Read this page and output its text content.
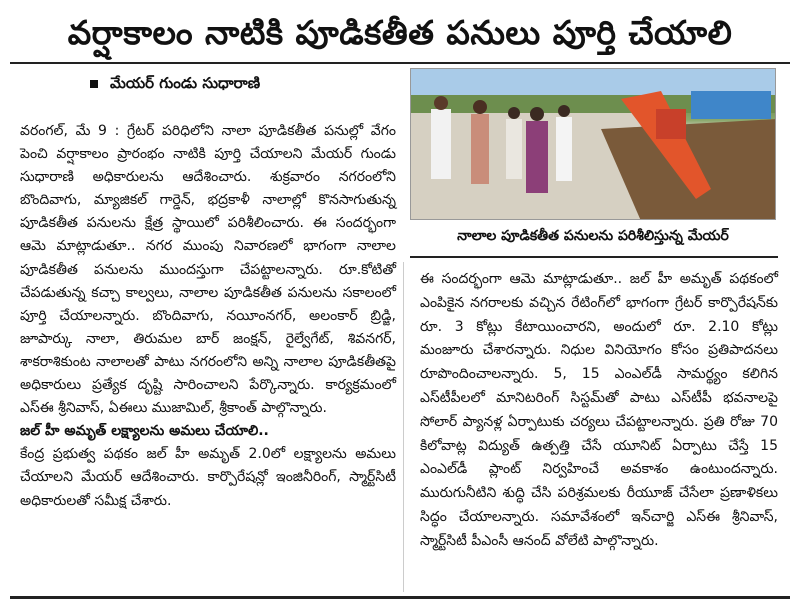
వర్షాకాలం నాటికి పూడికతీత పనులు పూర్తి చేయాలి
మేయర్ గుండు సుధారాణి

వరంగల్, మే 9 : గ్రేటర్ పరిధిలోని నాలా పూడికతీత పనుల్లో వేగం పెంచి వర్షాకాలం ప్రారంభం నాటికి పూర్తి చేయాలని మేయర్ గుండు సుధారాణి అధికారులను ఆదేశించారు. శుక్రవారం నగరంలోని బొందివాగు, మ్యాజికల్ గార్డెన్, భద్రకాళీ నాలాల్లో కొనసాగుతున్న పూడికతీత పనులను క్షేత్ర స్థాయిలో పరిశీలించారు. ఈ సందర్భంగా ఆమె మాట్లాడుతూ.. నగర ముంపు నివారణలో భాగంగా నాలాల పూడికతీత పనులను ముందస్తుగా చేపట్టాలన్నారు. రూ.కోటితో చేపడుతున్న కచ్చా కాల్వలు, నాలాల పూడికతీత పనులను సకాలంలో పూర్తి చేయాలన్నారు. బొందివాగు, నయీంనగర్, అలంకార్ బ్రిడ్జి, జూపార్కు నాలా, తిరుమల బార్ జంక్షన్, రైల్వేగేట్, శివనగర్, శాకరాశికుంట నాలాలతో పాటు నగరంలోని అన్ని నాలాల పూడికతీతపై అధికారులు ప్రత్యేక దృష్టి సారించాలని పేర్కొన్నారు. కార్యక్రమంలో ఎస్ఈ శ్రీనివాస్, ఏఈలు ముజామిల్, శ్రీకాంత్ పాల్గొన్నారు.

జల్ హీ అమృత్ లక్ష్యాలను అమలు చేయాలి..

కేంద్ర ప్రభుత్వ పథకం జల్ హీ అమృత్ 2.0లో లక్ష్యాలను అమలు చేయాలని మేయర్ ఆదేశించారు. కార్పొరేషన్లో ఇంజినీరింగ్, స్మార్ట్‌సిటీ అధికారులతో సమీక్ష చేశారు.

నాలాల పూడికతీత పనులను పరిశీలిస్తున్న మేయర్

ఈ సందర్భంగా ఆమె మాట్లాడుతూ.. జల్ హీ అమృత్ పథకంలో ఎంపికైన నగరాలకు వచ్చిన రేటింగ్‌లో భాగంగా గ్రేటర్ కార్పొరేషన్‌కు రూ. 3 కోట్లు కేటాయించారని, అందులో రూ. 2.10 కోట్లు మంజూరు చేశారన్నారు. నిధుల వినియోగం కోసం ప్రతిపాదనలు రూపొందించాలన్నారు. 5, 15 ఎంఎల్‌డీ సామర్థ్యం కలిగిన ఎస్‌టీపీలలో మానిటరింగ్ సిస్టమ్‌తో పాటు ఎస్‌టీపీ భవనాలపై సోలార్ ప్యానళ్ల ఏర్పాటుకు చర్యలు చేపట్టాలన్నారు. ప్రతి రోజు 70 కిలోవాట్ల విద్యుత్ ఉత్పత్తి చేసే యూనిట్ ఏర్పాటు చేస్తే 15 ఎంఎల్‌డీ ప్లాంట్ నిర్వహించే అవకాశం ఉంటుందన్నారు. మురుగునీటిని శుద్ధి చేసి పరిశ్రమలకు రీయూజ్ చేసేలా ప్రణాళికలు సిద్ధం చేయాలన్నారు. సమావేశంలో ఇన్‌చార్జి ఎస్ఈ శ్రీనివాస్, స్మార్ట్‌సిటీ పీఎంసీ ఆనంద్ వోలేటి పాల్గొన్నారు.
